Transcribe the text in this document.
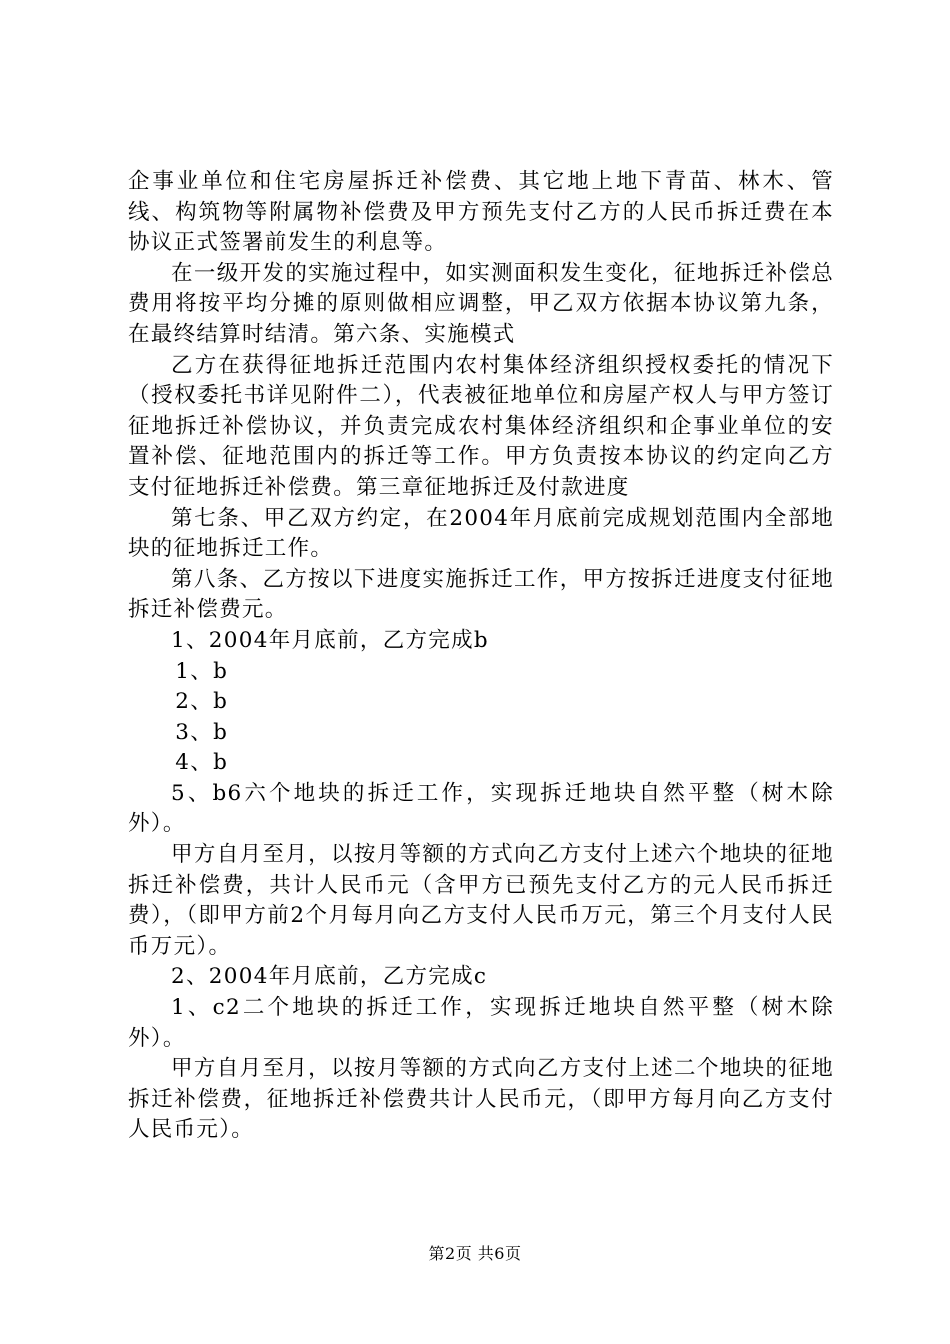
企事业单位和住宅房屋拆迁补偿费、其它地上地下青苗、林木、管线、构筑物等附属物补偿费及甲方预先支付乙方的人民币拆迁费在本协议正式签署前发生的利息等。

在一级开发的实施过程中，如实测面积发生变化，征地拆迁补偿总费用将按平均分摊的原则做相应调整，甲乙双方依据本协议第九条，在最终结算时结清。第六条、实施模式

乙方在获得征地拆迁范围内农村集体经济组织授权委托的情况下（授权委托书详见附件二），代表被征地单位和房屋产权人与甲方签订征地拆迁补偿协议，并负责完成农村集体经济组织和企事业单位的安置补偿、征地范围内的拆迁等工作。甲方负责按本协议的约定向乙方支付征地拆迁补偿费。第三章征地拆迁及付款进度

第七条、甲乙双方约定，在2004年月底前完成规划范围内全部地块的征地拆迁工作。

第八条、乙方按以下进度实施拆迁工作，甲方按拆迁进度支付征地拆迁补偿费元。

1、2004年月底前，乙方完成b

1、b

2、b

3、b

4、b

5、b6六个地块的拆迁工作，实现拆迁地块自然平整（树木除外）。

甲方自月至月，以按月等额的方式向乙方支付上述六个地块的征地拆迁补偿费，共计人民币元（含甲方已预先支付乙方的元人民币拆迁费），（即甲方前2个月每月向乙方支付人民币万元，第三个月支付人民币万元）。

2、2004年月底前，乙方完成c

1、c2二个地块的拆迁工作，实现拆迁地块自然平整（树木除外）。

甲方自月至月，以按月等额的方式向乙方支付上述二个地块的征地拆迁补偿费，征地拆迁补偿费共计人民币元，（即甲方每月向乙方支付人民币元）。

第2页 共6页
